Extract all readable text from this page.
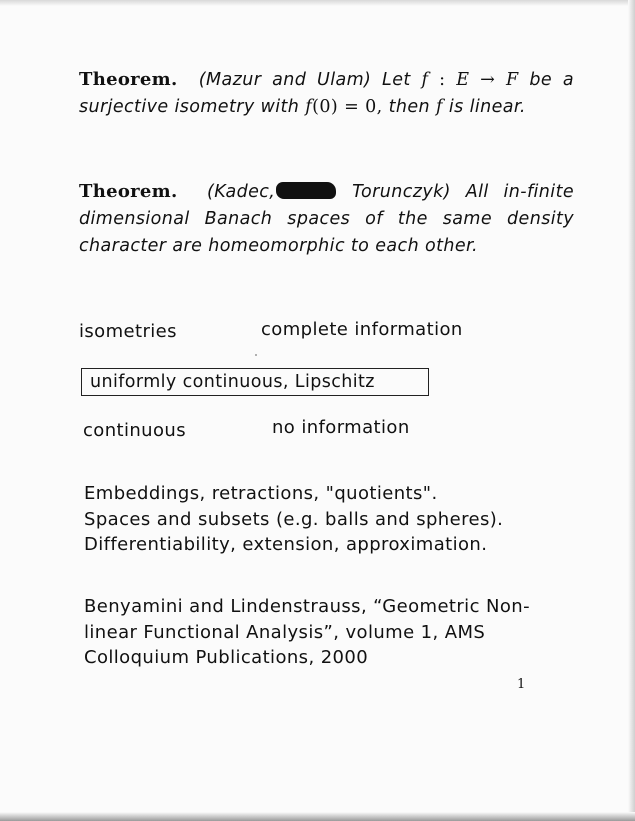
Theorem. (Mazur and Ulam) Let f : E → F be a surjective isometry with f(0) = 0, then f is linear.
Theorem. (Kadec,	Torunczyk) All in-finite dimensional Banach spaces of the same density character are homeomorphic to each other.
isometries	complete information
uniformly continuous, Lipschitz
continuous	no information
Embeddings, retractions, "quotients".
Spaces and subsets (e.g. balls and spheres).
Differentiability, extension, approximation.
Benyamini and Lindenstrauss, “Geometric Non-
linear Functional Analysis”, volume 1, AMS
Colloquium Publications, 2000
1
